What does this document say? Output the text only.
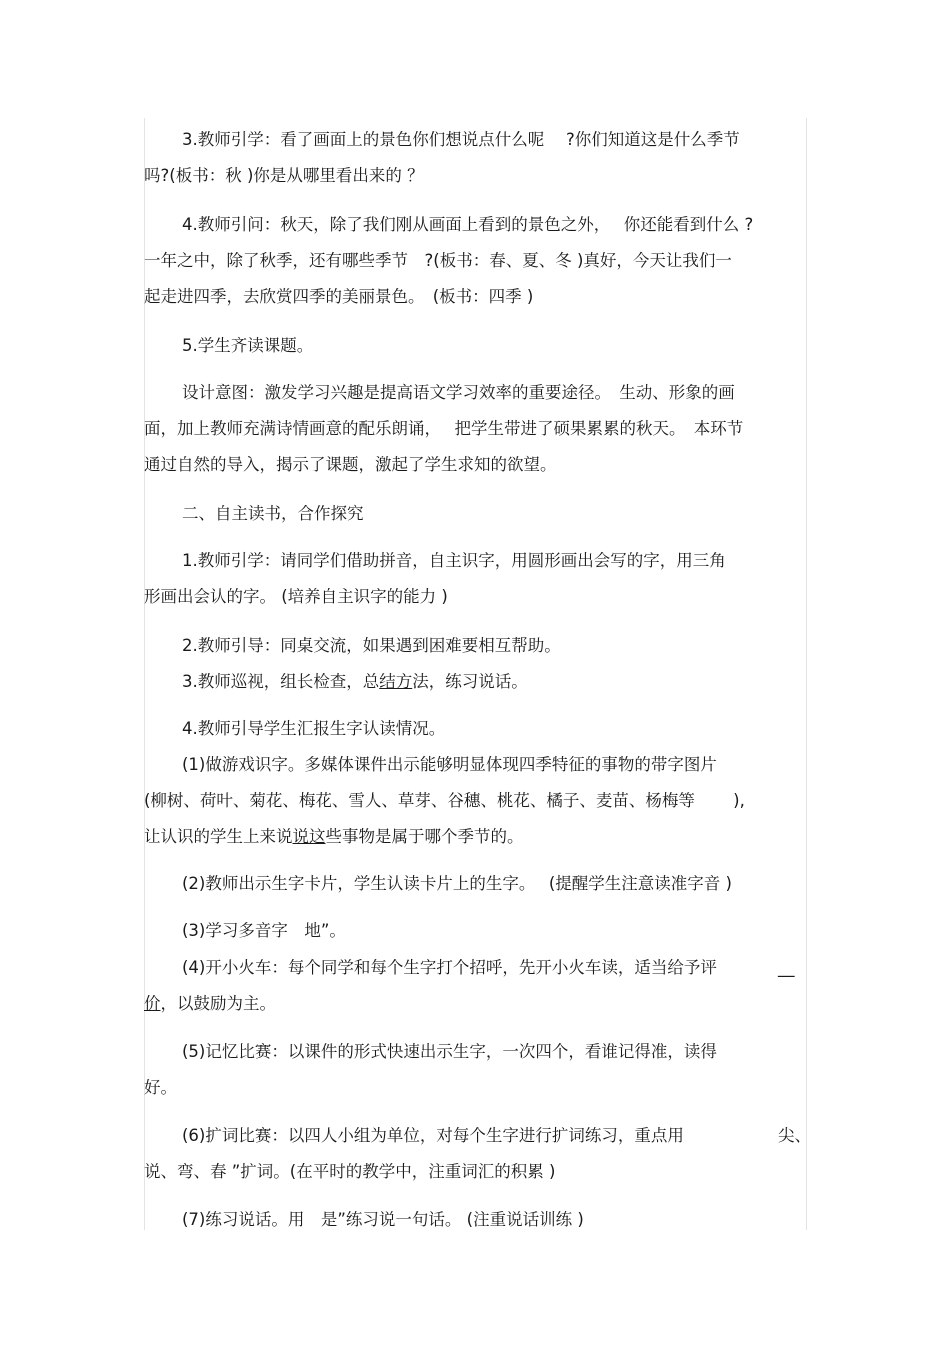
3.教师引学：看了画面上的景色你们想说点什么呢　 ?你们知道这是什么季节
吗?(板书：秋 )你是从哪里看出来的 ？
4.教师引问：秋天，除了我们刚从画面上看到的景色之外，　 你还能看到什么 ?
一年之中，除了秋季，还有哪些季节　?(板书：春、夏、冬 )真好，今天让我们一
起走进四季，去欣赏四季的美丽景色。　(板书：四季 )
5.学生齐读课题。
设计意图：激发学习兴趣是提高语文学习效率的重要途径。　生动、形象的画
面，加上教师充满诗情画意的配乐朗诵，　 把学生带进了硕果累累的秋天。　本环节
通过自然的导入，揭示了课题，激起了学生求知的欲望。
二、自主读书，合作探究
1.教师引学：请同学们借助拼音，自主识字，用圆形画出会写的字，用三角
形画出会认的字。 (培养自主识字的能力 )
2.教师引导：同桌交流，如果遇到困难要相互帮助。
3.教师巡视，组长检查，总结方法，练习说话。
4.教师引导学生汇报生字认读情况。
(1)做游戏识字。多媒体课件出示能够明显体现四季特征的事物的带字图片
(柳树、荷叶、菊花、梅花、雪人、草芽、谷穗、桃花、橘子、麦苗、杨梅等　　 ),
让认识的学生上来说说这些事物是属于哪个季节的。
(2)教师出示生字卡片，学生认读卡片上的生字。　 (提醒学生注意读准字音 )
(3)学习多音字　地”。
(4)开小火车：每个同学和每个生字打个招呼，先开小火车读，适当给予评	__
价，以鼓励为主。
(5)记忆比赛：以课件的形式快速出示生字，一次四个，看谁记得准，读得
好。
(6)扩词比赛：以四人小组为单位，对每个生字进行扩词练习，重点用	尖、
说、弯、春 ”扩词。(在平时的教学中，注重词汇的积累 )
(7)练习说话。用　是”练习说一句话。 (注重说话训练 )
